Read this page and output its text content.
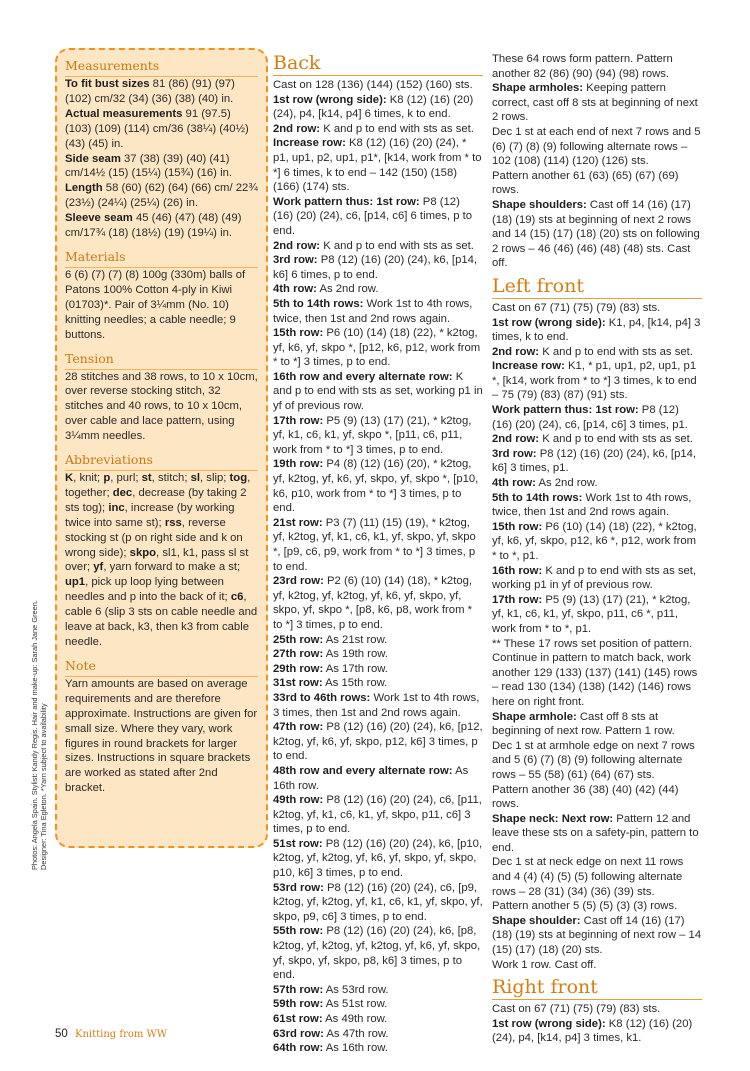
Measurements

To fit bust sizes 81 (86) (91) (97) (102) cm/32 (34) (36) (38) (40) in.

Actual measurements 91 (97.5) (103) (109) (114) cm/36 (38¼) (40½) (43) (45) in.

Side seam 37 (38) (39) (40) (41) cm/14½ (15) (15¼) (15¾) (16) in.

Length 58 (60) (62) (64) (66) cm/ 22¾ (23½) (24¼) (25¼) (26) in.

Sleeve seam 45 (46) (47) (48) (49) cm/17¾ (18) (18½) (19) (19¼) in.

Materials

6 (6) (7) (7) (8) 100g (330m) balls of Patons 100% Cotton 4-ply in Kiwi (01703)*. Pair of 3¼mm (No. 10) knitting needles; a cable needle; 9 buttons.

Tension

28 stitches and 38 rows, to 10 x 10cm, over reverse stocking stitch, 32 stitches and 40 rows, to 10 x 10cm, over cable and lace pattern, using 3¼mm needles.

Abbreviations

K, knit; p, purl; st, stitch; sl, slip; tog, together; dec, decrease (by taking 2 sts tog); inc, increase (by working twice into same st); rss, reverse stocking st (p on right side and k on wrong side); skpo, sl1, k1, pass sl st over; yf, yarn forward to make a st; up1, pick up loop lying between needles and p into the back of it; c6, cable 6 (slip 3 sts on cable needle and leave at back, k3, then k3 from cable needle.

Note

Yarn amounts are based on average requirements and are therefore approximate. Instructions are given for small size. Where they vary, work figures in round brackets for larger sizes. Instructions in square brackets are worked as stated after 2nd bracket.

Photos: Angela Spain. Stylist: Kandy Regis. Hair and make-up: Sarah Jane Green.
Designer: Tina Egleton. *Yarn subject to availability
Back

Cast on 128 (136) (144) (152) (160) sts.

1st row (wrong side): K8 (12) (16) (20) (24), p4, [k14, p4] 6 times, k to end.

2nd row: K and p to end with sts as set.

Increase row: K8 (12) (16) (20) (24), * p1, up1, p2, up1, p1*, [k14, work from * to *] 6 times, k to end – 142 (150) (158) (166) (174) sts.

Work pattern thus: 1st row: P8 (12) (16) (20) (24), c6, [p14, c6] 6 times, p to end.

2nd row: K and p to end with sts as set.

3rd row: P8 (12) (16) (20) (24), k6, [p14, k6] 6 times, p to end.

4th row: As 2nd row.

5th to 14th rows: Work 1st to 4th rows, twice, then 1st and 2nd rows again.

15th row: P6 (10) (14) (18) (22), * k2tog, yf, k6, yf, skpo *, [p12, k6, p12, work from * to *] 3 times, p to end.

16th row and every alternate row: K and p to end with sts as set, working p1 in yf of previous row.

17th row: P5 (9) (13) (17) (21), * k2tog, yf, k1, c6, k1, yf, skpo *, [p11, c6, p11, work from * to *] 3 times, p to end.

19th row: P4 (8) (12) (16) (20), * k2tog, yf, k2tog, yf, k6, yf, skpo, yf, skpo *, [p10, k6, p10, work from * to *] 3 times, p to end.

21st row: P3 (7) (11) (15) (19), * k2tog, yf, k2tog, yf, k1, c6, k1, yf, skpo, yf, skpo *, [p9, c6, p9, work from * to *] 3 times, p to end.

23rd row: P2 (6) (10) (14) (18), * k2tog, yf, k2tog, yf, k2tog, yf, k6, yf, skpo, yf, skpo, yf, skpo *, [p8, k6, p8, work from * to *] 3 times, p to end.

25th row: As 21st row.

27th row: As 19th row.

29th row: As 17th row.

31st row: As 15th row.

33rd to 46th rows: Work 1st to 4th rows, 3 times, then 1st and 2nd rows again.

47th row: P8 (12) (16) (20) (24), k6, [p12, k2tog, yf, k6, yf, skpo, p12, k6] 3 times, p to end.

48th row and every alternate row: As 16th row.

49th row: P8 (12) (16) (20) (24), c6, [p11, k2tog, yf, k1, c6, k1, yf, skpo, p11, c6] 3 times, p to end.

51st row: P8 (12) (16) (20) (24), k6, [p10, k2tog, yf, k2tog, yf, k6, yf, skpo, yf, skpo, p10, k6] 3 times, p to end.

53rd row: P8 (12) (16) (20) (24), c6, [p9, k2tog, yf, k2tog, yf, k1, c6, k1, yf, skpo, yf, skpo, p9, c6] 3 times, p to end.

55th row: P8 (12) (16) (20) (24), k6, [p8, k2tog, yf, k2tog, yf, k2tog, yf, k6, yf, skpo, yf, skpo, yf, skpo, p8, k6] 3 times, p to end.

57th row: As 53rd row.

59th row: As 51st row.

61st row: As 49th row.

63rd row: As 47th row.

64th row: As 16th row.

These 64 rows form pattern. Pattern another 82 (86) (90) (94) (98) rows.

Shape armholes: Keeping pattern correct, cast off 8 sts at beginning of next 2 rows.

Dec 1 st at each end of next 7 rows and 5 (6) (7) (8) (9) following alternate rows – 102 (108) (114) (120) (126) sts.

Pattern another 61 (63) (65) (67) (69) rows.

Shape shoulders: Cast off 14 (16) (17) (18) (19) sts at beginning of next 2 rows and 14 (15) (17) (18) (20) sts on following 2 rows – 46 (46) (46) (48) (48) sts. Cast off.

Left front

Cast on 67 (71) (75) (79) (83) sts.

1st row (wrong side): K1, p4, [k14, p4] 3 times, k to end.

2nd row: K and p to end with sts as set.

Increase row: K1, * p1, up1, p2, up1, p1 *, [k14, work from * to *] 3 times, k to end – 75 (79) (83) (87) (91) sts.

Work pattern thus: 1st row: P8 (12) (16) (20) (24), c6, [p14, c6] 3 times, p1.

2nd row: K and p to end with sts as set.

3rd row: P8 (12) (16) (20) (24), k6, [p14, k6] 3 times, p1.

4th row: As 2nd row.

5th to 14th rows: Work 1st to 4th rows, twice, then 1st and 2nd rows again.

15th row: P6 (10) (14) (18) (22), * k2tog, yf, k6, yf, skpo, p12, k6 *, p12, work from * to *, p1.

16th row: K and p to end with sts as set, working p1 in yf of previous row.

17th row: P5 (9) (13) (17) (21), * k2tog, yf, k1, c6, k1, yf, skpo, p11, c6 *, p11, work from * to *, p1.

** These 17 rows set position of pattern. Continue in pattern to match back, work another 129 (133) (137) (141) (145) rows – read 130 (134) (138) (142) (146) rows here on right front.

Shape armhole: Cast off 8 sts at beginning of next row. Pattern 1 row.

Dec 1 st at armhole edge on next 7 rows and 5 (6) (7) (8) (9) following alternate rows – 55 (58) (61) (64) (67) sts.

Pattern another 36 (38) (40) (42) (44) rows.

Shape neck: Next row: Pattern 12 and leave these sts on a safety-pin, pattern to end.

Dec 1 st at neck edge on next 11 rows and 4 (4) (4) (5) (5) following alternate rows – 28 (31) (34) (36) (39) sts.

Pattern another 5 (5) (5) (3) (3) rows.

Shape shoulder: Cast off 14 (16) (17) (18) (19) sts at beginning of next row – 14 (15) (17) (18) (20) sts.

Work 1 row. Cast off.

Right front

Cast on 67 (71) (75) (79) (83) sts.

1st row (wrong side): K8 (12) (16) (20) (24), p4, [k14, p4] 3 times, k1.

50 Knitting from WW
